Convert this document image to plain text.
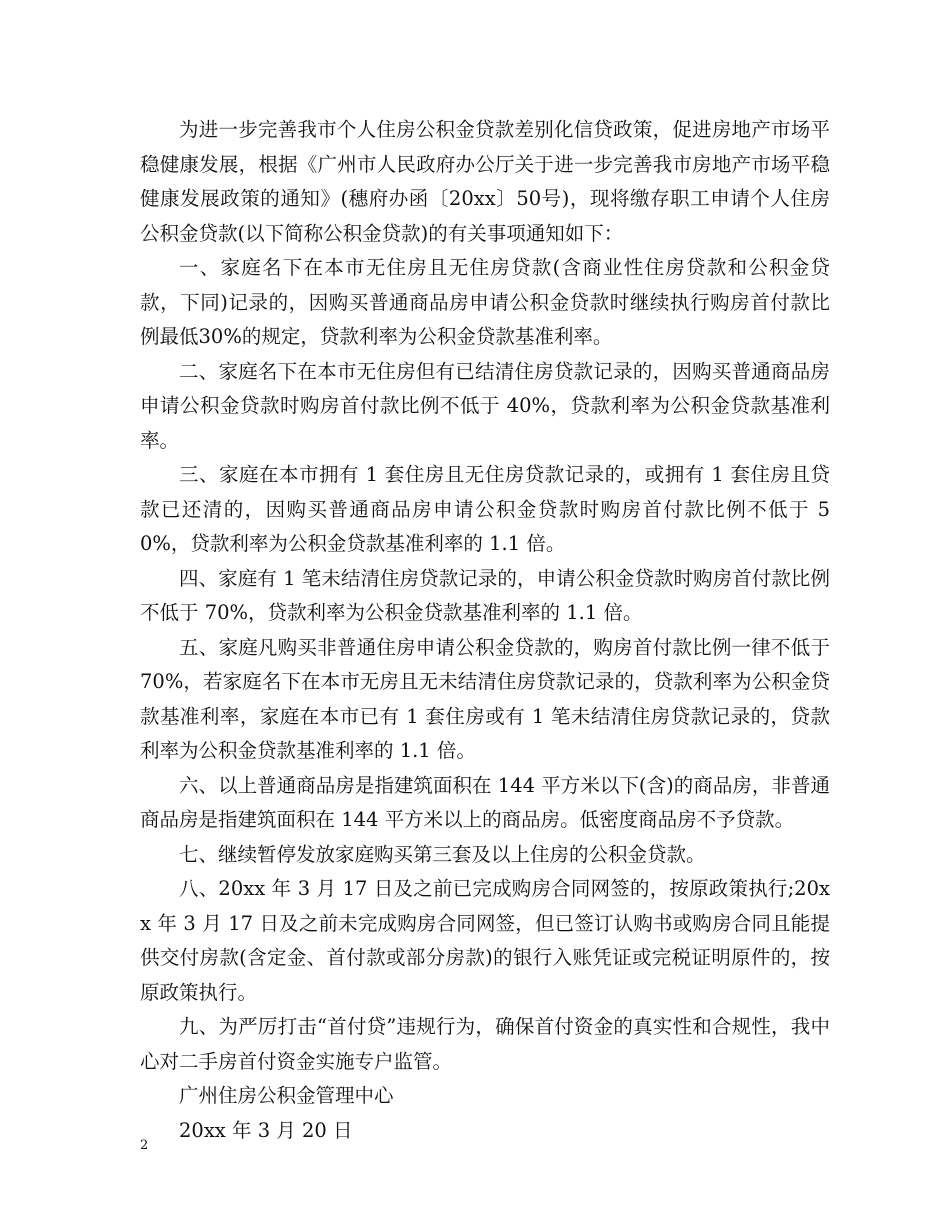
为进一步完善我市个人住房公积金贷款差别化信贷政策，促进房地产市场平稳健康发展，根据《广州市人民政府办公厅关于进一步完善我市房地产市场平稳健康发展政策的通知》(穗府办函〔20xx〕50号)，现将缴存职工申请个人住房公积金贷款(以下简称公积金贷款)的有关事项通知如下：

一、家庭名下在本市无住房且无住房贷款(含商业性住房贷款和公积金贷款，下同)记录的，因购买普通商品房申请公积金贷款时继续执行购房首付款比例最低30%的规定，贷款利率为公积金贷款基准利率。

二、家庭名下在本市无住房但有已结清住房贷款记录的，因购买普通商品房申请公积金贷款时购房首付款比例不低于 40%，贷款利率为公积金贷款基准利率。

三、家庭在本市拥有 1 套住房且无住房贷款记录的，或拥有 1 套住房且贷款已还清的，因购买普通商品房申请公积金贷款时购房首付款比例不低于 50%，贷款利率为公积金贷款基准利率的 1.1 倍。

四、家庭有 1 笔未结清住房贷款记录的，申请公积金贷款时购房首付款比例不低于 70%，贷款利率为公积金贷款基准利率的 1.1 倍。

五、家庭凡购买非普通住房申请公积金贷款的，购房首付款比例一律不低于70%，若家庭名下在本市无房且无未结清住房贷款记录的，贷款利率为公积金贷款基准利率，家庭在本市已有 1 套住房或有 1 笔未结清住房贷款记录的，贷款利率为公积金贷款基准利率的 1.1 倍。

六、以上普通商品房是指建筑面积在 144 平方米以下(含)的商品房，非普通商品房是指建筑面积在 144 平方米以上的商品房。低密度商品房不予贷款。

七、继续暂停发放家庭购买第三套及以上住房的公积金贷款。

八、20xx 年 3 月 17 日及之前已完成购房合同网签的，按原政策执行;20xx 年 3 月 17 日及之前未完成购房合同网签，但已签订认购书或购房合同且能提供交付房款(含定金、首付款或部分房款)的银行入账凭证或完税证明原件的，按原政策执行。

九、为严厉打击“首付贷”违规行为，确保首付资金的真实性和合规性，我中心对二手房首付资金实施专户监管。

广州住房公积金管理中心

20xx 年 3 月 20 日

2
